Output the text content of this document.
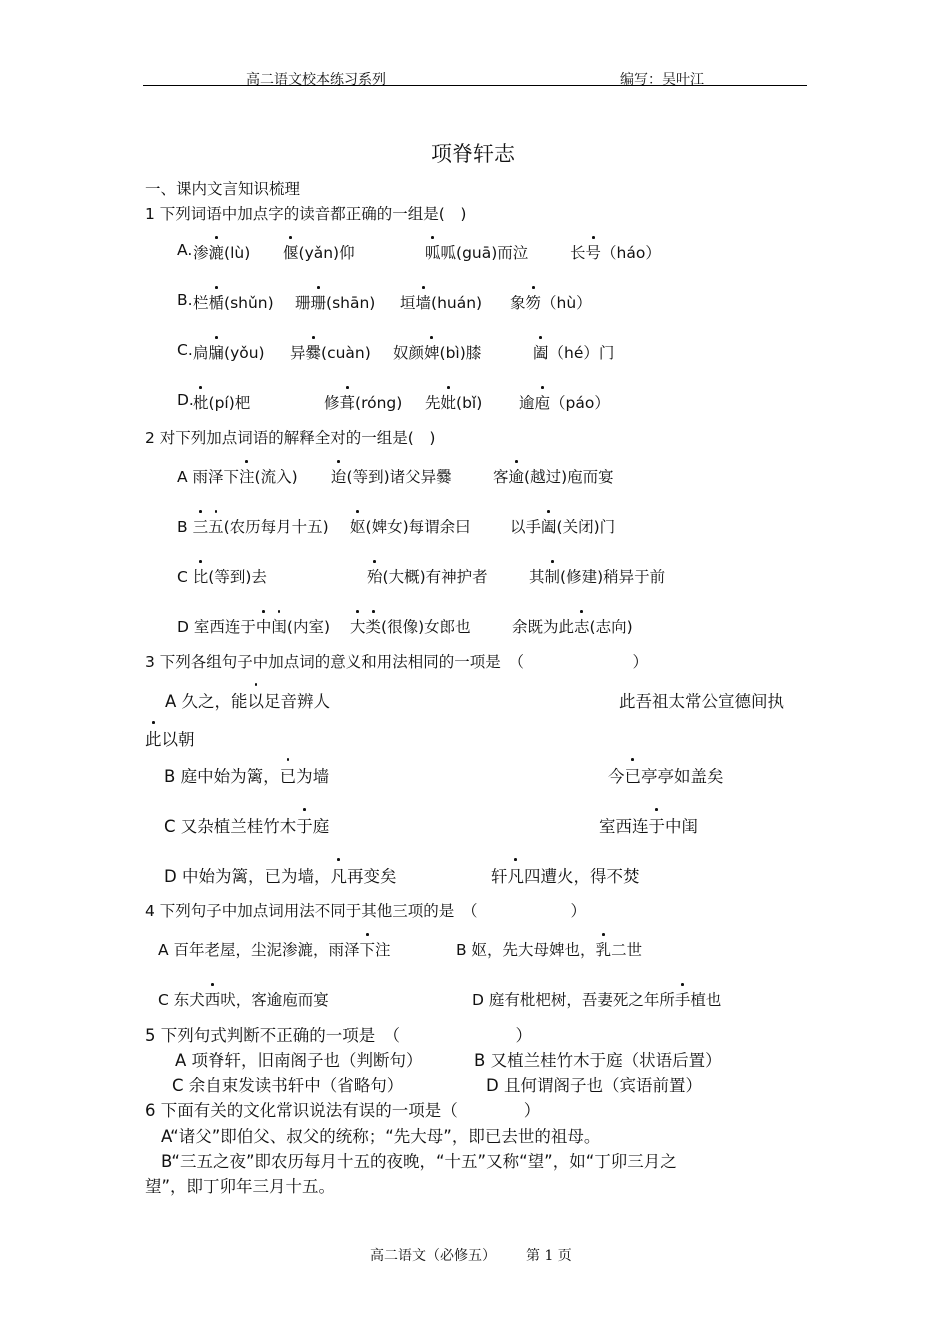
高二语文校本练习系列	编写：吴叶江
项脊轩志
一、课内文言知识梳理
1 下列词语中加点字的读音都正确的一组是(　)
A. 渗漉(lù) 偃(yǎn)仰	呱呱(guā)而泣	长号（háo）
B. 栏楯(shǔn) 珊珊(shān) 垣墙(huán) 象笏（hù）
C. 扃牖(yǒu) 异爨(cuàn) 奴颜婢(bì)膝	阖（hé）门
D. 枇(pí)杷	修葺(róng) 先妣(bǐ) 逾庖（páo）
2 对下列加点词语的解释全对的一组是(　)
A 雨泽下注(流入) 迨(等到)诸父异爨	客逾(越过)庖而宴
B 三五(农历每月十五) 妪(婢女)每谓余曰	以手阖(关闭)门
C 比(等到)去	殆(大概)有神护者	其制(修建)稍异于前
D 室西连于中闺(内室) 大类(很像)女郎也	余既为此志(志向)
3 下列各组句子中加点词的意义和用法相同的一项是　（　　　　　　　）
A 久之，能以足音辨人	此吾祖太常公宣德间执
此以朝
B 庭中始为篱，已为墙	今已亭亭如盖矣
C 又杂植兰桂竹木于庭	室西连于中闺
D 中始为篱，已为墙，凡再变矣	轩凡四遭火，得不焚
4 下列句子中加点词用法不同于其他三项的是　（　　　　　　）
A 百年老屋，尘泥渗漉，雨泽下注	B 妪，先大母婢也，乳二世
C 东犬西吠，客逾庖而宴	D 庭有枇杷树，吾妻死之年所手植也
5 下列句式判断不正确的一项是　（　　　　　　　）
A 项脊轩，旧南阁子也（判断句）	B 又植兰桂竹木于庭（状语后置）
C 余自束发读书轩中（省略句）	D 且何谓阁子也（宾语前置）
6 下面有关的文化常识说法有误的一项是（　　　　）
A“诸父”即伯父、叔父的统称；“先大母”，即已去世的祖母。
B“三五之夜”即农历每月十五的夜晚，“十五”又称“望”，如“丁卯三月之
望”，即丁卯年三月十五。
高二语文（必修五） 第 1 页
